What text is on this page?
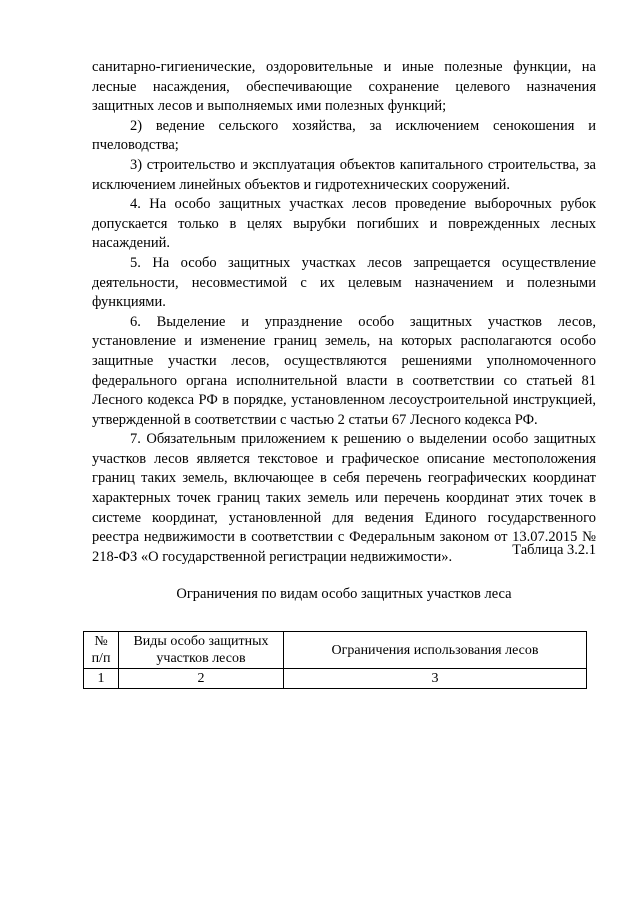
санитарно-гигиенические, оздоровительные и иные полезные функции, на лесные насаждения, обеспечивающие сохранение целевого назначения защитных лесов и выполняемых ими полезных функций;

2) ведение сельского хозяйства, за исключением сенокошения и пчеловодства;

3) строительство и эксплуатация объектов капитального строительства, за исключением линейных объектов и гидротехнических сооружений.

4. На особо защитных участках лесов проведение выборочных рубок допускается только в целях вырубки погибших и поврежденных лесных насаждений.

5. На особо защитных участках лесов запрещается осуществление деятельности, несовместимой с их целевым назначением и полезными функциями.

6. Выделение и упразднение особо защитных участков лесов, установление и изменение границ земель, на которых располагаются особо защитные участки лесов, осуществляются решениями уполномоченного федерального органа исполнительной власти в соответствии со статьей 81 Лесного кодекса РФ в порядке, установленном лесоустроительной инструкцией, утвержденной в соответствии с частью 2 статьи 67 Лесного кодекса РФ.

7. Обязательным приложением к решению о выделении особо защитных участков лесов является текстовое и графическое описание местоположения границ таких земель, включающее в себя перечень географических координат характерных точек границ таких земель или перечень координат этих точек в системе координат, установленной для ведения Единого государственного реестра недвижимости в соответствии с Федеральным законом от 13.07.2015 № 218-ФЗ «О государственной регистрации недвижимости».	Таблица 3.2.1
Ограничения по видам особо защитных участков леса
№ п/п	Виды особо защитных участков лесов	Ограничения использования лесов
1	2	3
